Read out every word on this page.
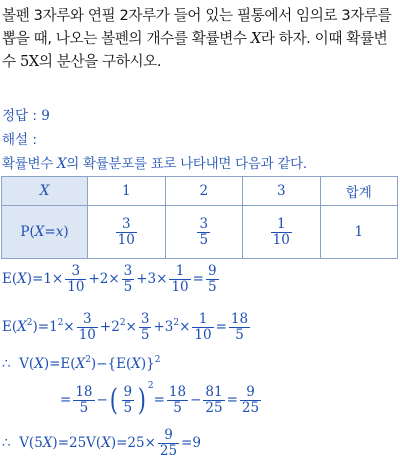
볼펜 3자루와 연필 2자루가 들어 있는 필통에서 임의로 3자루를 뽑을 때, 나오는 볼펜의 개수를 확률변수 X라 하자. 이때 확률변수 5X의 분산을 구하시오.
정답 : 9
해설 :
확률변수 X의 확률분포를 표로 나타내면 다음과 같다.
X	1	2	3	합계
P(X=x)	$\frac{3}{10}$	$\frac{3}{5}$	$\frac{1}{10}$	1
$E(X)=1\times \frac{3}{10} +2\times \frac{3}{5} +3\times \frac{1}{10} = \frac{9}{5}$
$E(X^2)=1^2\times \frac{3}{10} +2^2\times \frac{3}{5} +3^2\times \frac{1}{10} = \frac{18}{5}$
∴ $V(X)=E(X^2)-\{E(X)\}^2$
= $\frac{18}{5}$ −( $\frac{9}{5}$ ) $2= \frac{18}{5} - \frac{81}{25} = \frac{9}{25}$
∴ $V(5X)=25V(X)=25\times \frac{9}{25} =9$
